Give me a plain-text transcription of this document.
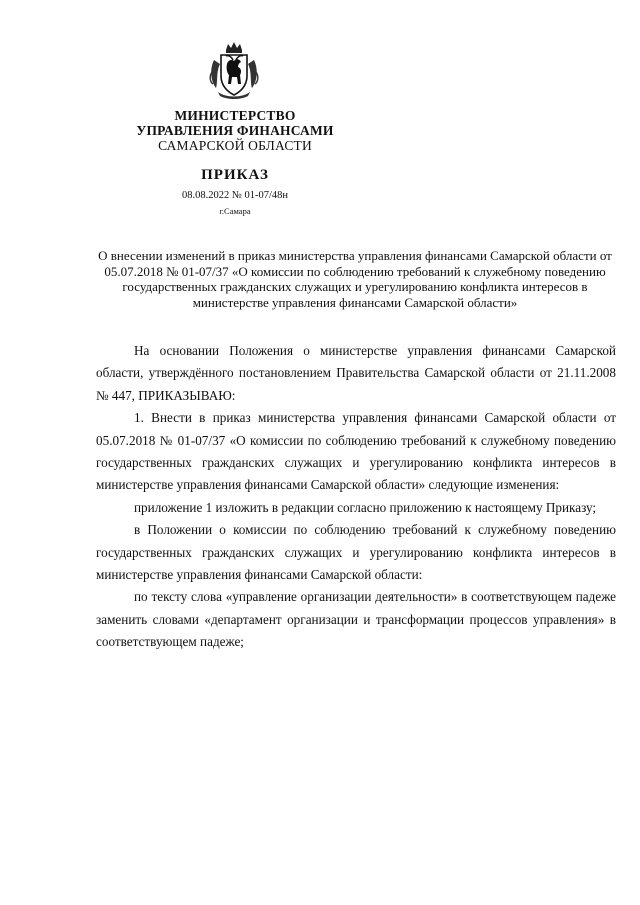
МИНИСТЕРСТВО
УПРАВЛЕНИЯ ФИНАНСАМИ
САМАРСКОЙ ОБЛАСТИ
ПРИКАЗ
08.08.2022 № 01-07/48н
г.Самара
О внесении изменений в приказ министерства управления финансами Самарской области от 05.07.2018 № 01-07/37 «О комиссии по соблюдению требований к служебному поведению государственных гражданских служащих и урегулированию конфликта интересов в министерстве управления финансами Самарской области»

На основании Положения о министерстве управления финансами Самарской области, утверждённого постановлением Правительства Самарской области от 21.11.2008 № 447, ПРИКАЗЫВАЮ:

1. Внести в приказ министерства управления финансами Самарской области от 05.07.2018 № 01-07/37 «О комиссии по соблюдению требований к служебному поведению государственных гражданских служащих и урегулированию конфликта интересов в министерстве управления финансами Самарской области» следующие изменения:

приложение 1 изложить в редакции согласно приложению к настоящему Приказу;

в Положении о комиссии по соблюдению требований к служебному поведению государственных гражданских служащих и урегулированию конфликта интересов в министерстве управления финансами Самарской области:

по тексту слова «управление организации деятельности» в соответствующем падеже заменить словами «департамент организации и трансформации процессов управления» в соответствующем падеже;
